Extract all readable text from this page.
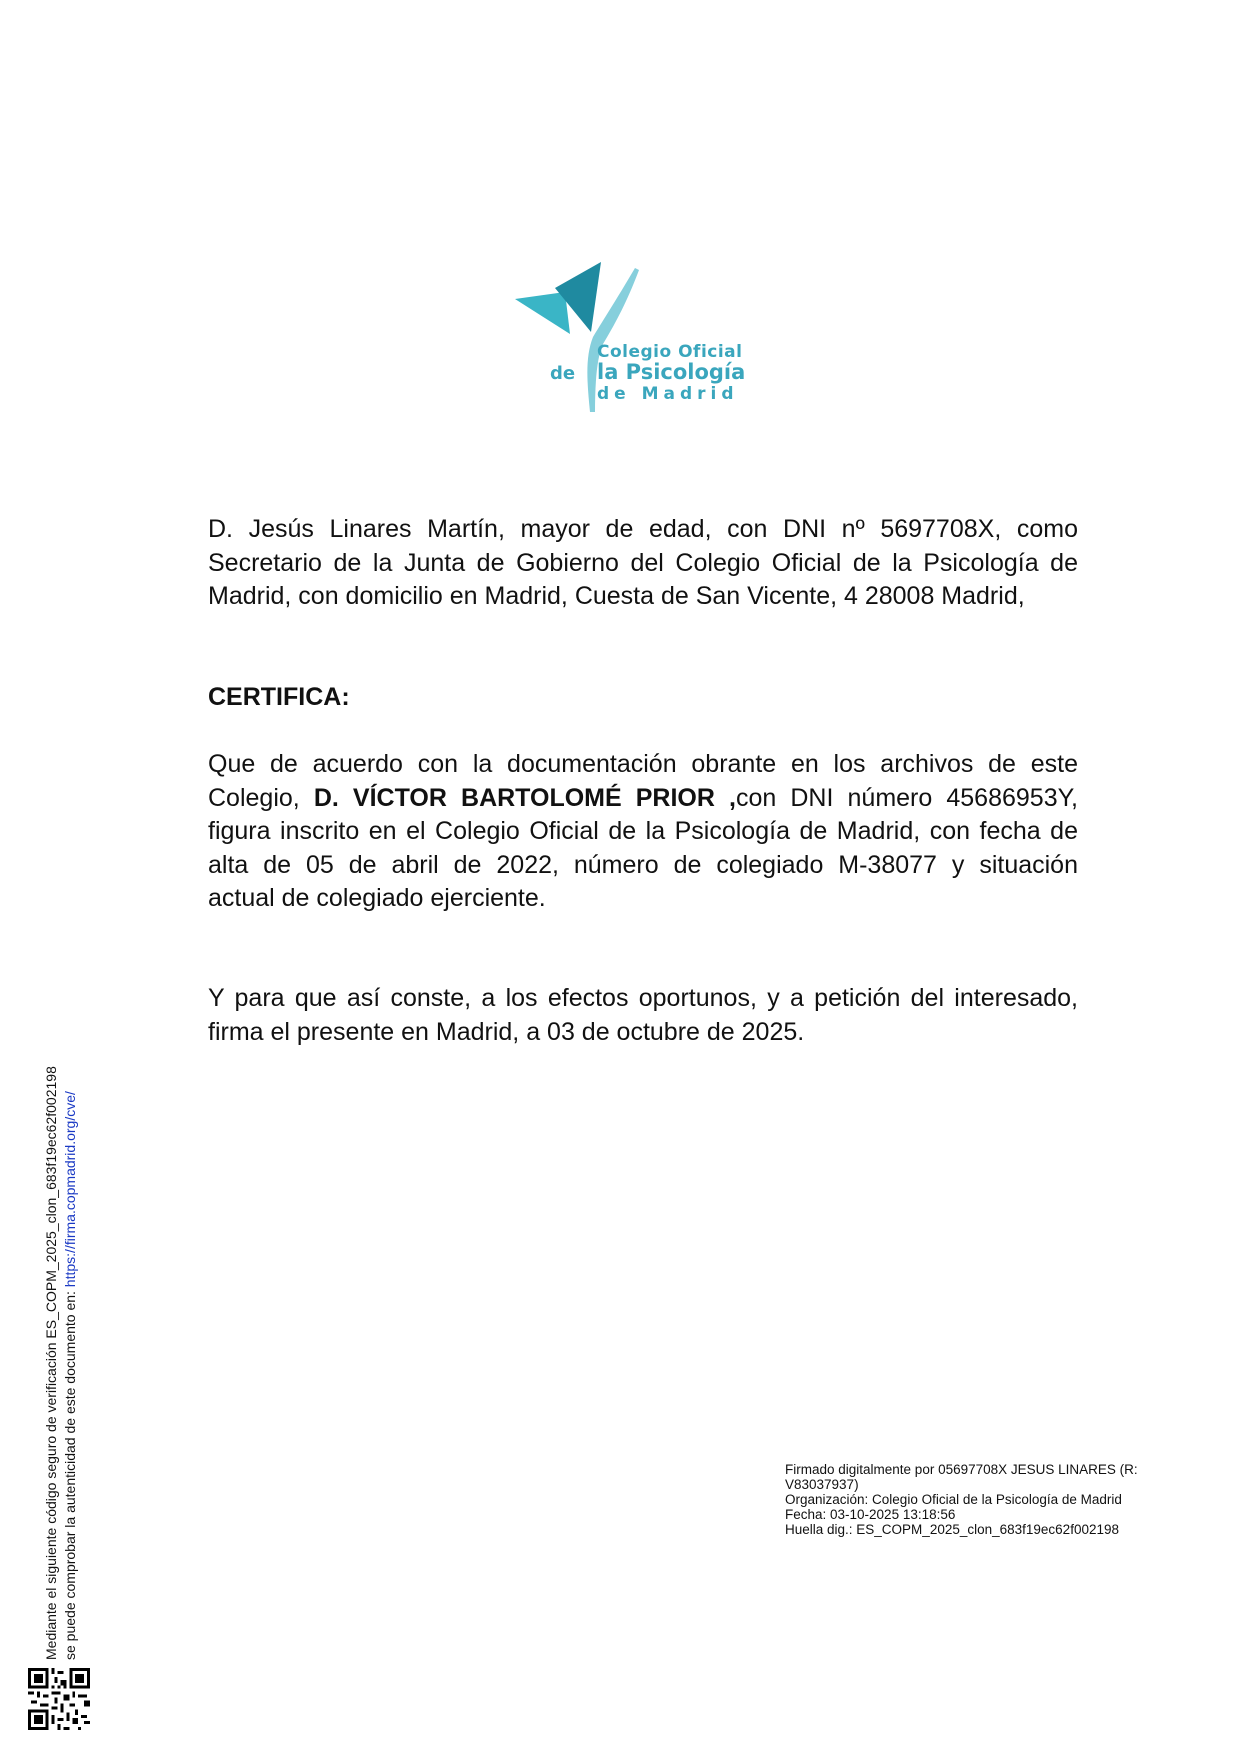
Colegio Oficial
de la Psicología
de Madrid
D. Jesús Linares Martín, mayor de edad, con DNI nº 5697708X, como
Secretario de la Junta de Gobierno del Colegio Oficial de la Psicología de
Madrid, con domicilio en Madrid, Cuesta de San Vicente, 4 28008 Madrid,
CERTIFICA:
Que de acuerdo con la documentación obrante en los archivos de este
Colegio, D. VÍCTOR BARTOLOMÉ PRIOR ,con DNI número 45686953Y,
figura inscrito en el Colegio Oficial de la Psicología de Madrid, con fecha de
alta de 05 de abril de 2022, número de colegiado M-38077 y situación
actual de colegiado ejerciente.
Y para que así conste, a los efectos oportunos, y a petición del interesado,
firma el presente en Madrid, a 03 de octubre de 2025.
Firmado digitalmente por 05697708X JESUS LINARES (R:
V83037937)
Organización: Colegio Oficial de la Psicología de Madrid
Fecha: 03-10-2025 13:18:56
Huella dig.: ES_COPM_2025_clon_683f19ec62f002198
Mediante el siguiente código seguro de verificación ES_COPM_2025_clon_683f19ec62f002198 se puede comprobar la autenticidad de este documento en: https://firma.copmadrid.org/cve/
